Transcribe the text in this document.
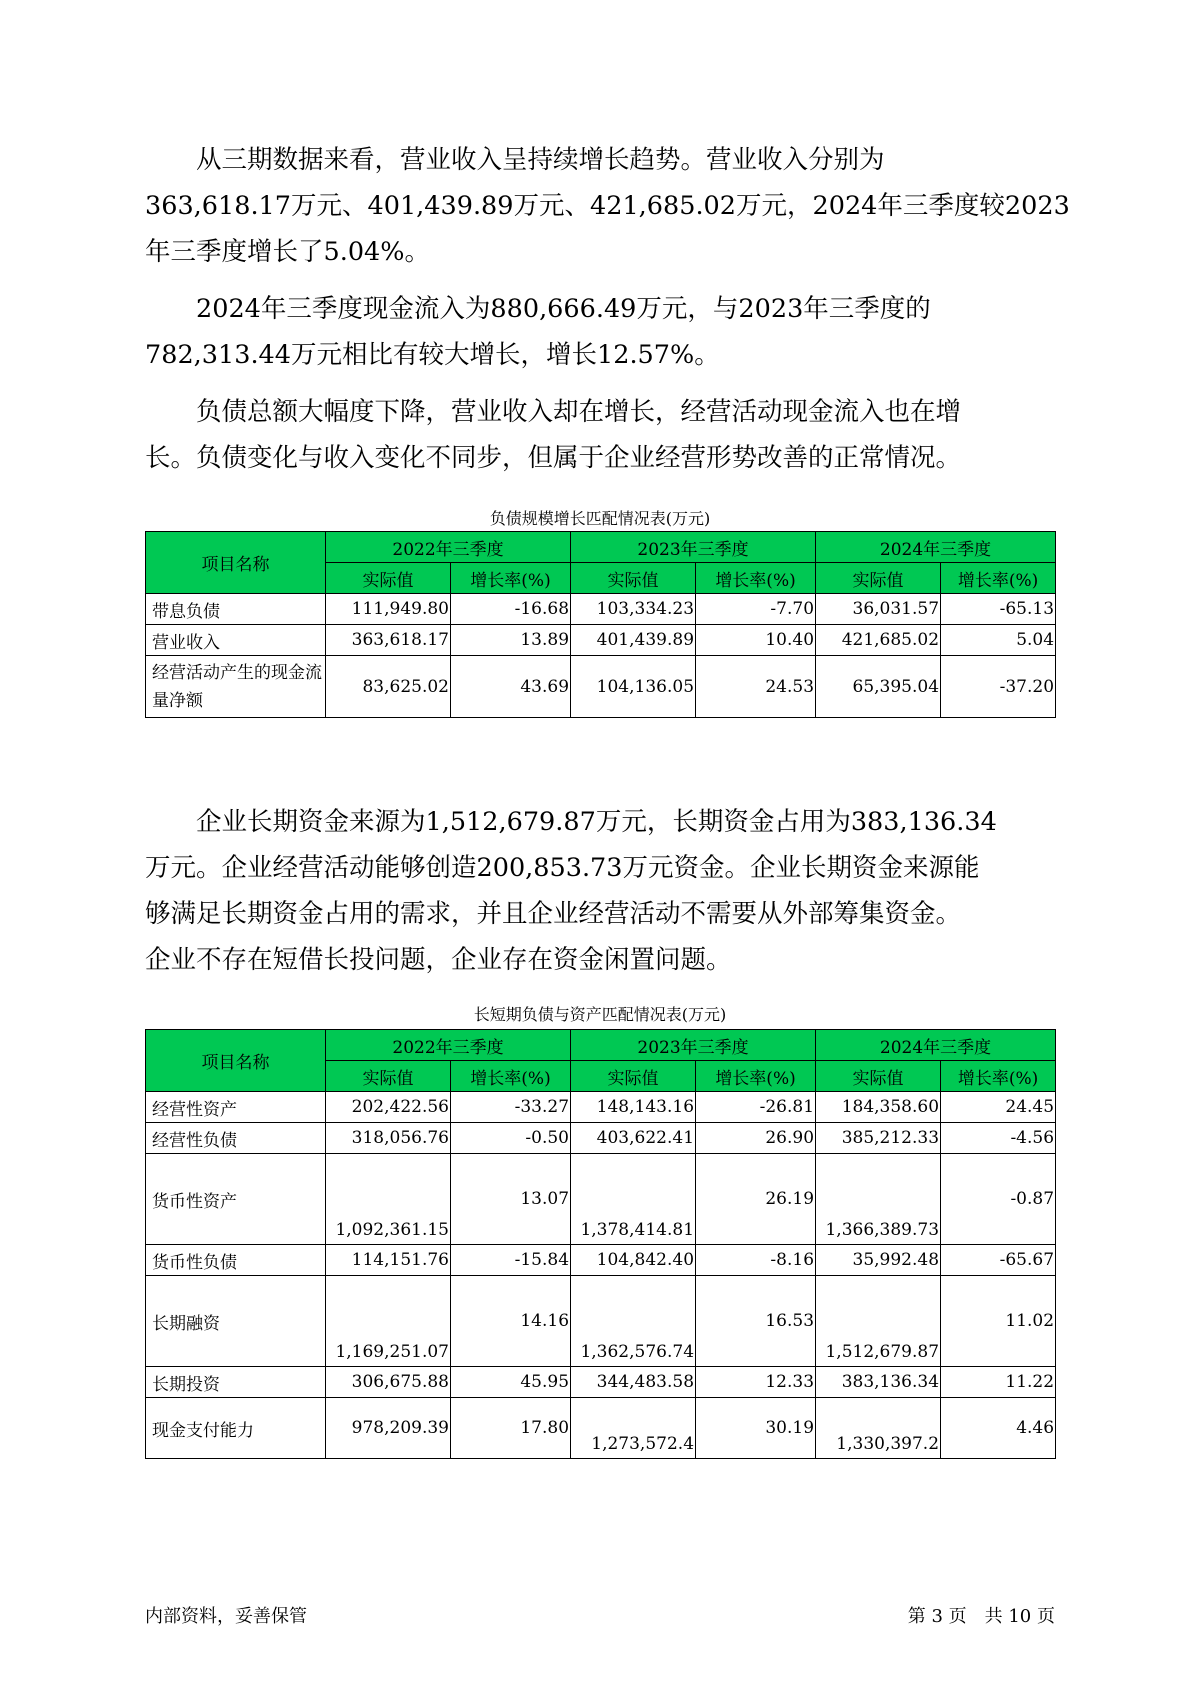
　　从三期数据来看，营业收入呈持续增长趋势。营业收入分别为
363,618.17万元、401,439.89万元、421,685.02万元，2024年三季度较2023
年三季度增长了5.04%。

　　2024年三季度现金流入为880,666.49万元，与2023年三季度的
782,313.44万元相比有较大增长，增长12.57%。

　　负债总额大幅度下降，营业收入却在增长，经营活动现金流入也在增
长。负债变化与收入变化不同步，但属于企业经营形势改善的正常情况。

负债规模增长匹配情况表(万元)
项目名称	2022年三季度		2023年三季度		2024年三季度	
	实际值	增长率(%)	实际值	增长率(%)	实际值	增长率(%)
带息负债	111,949.80	-16.68	103,334.23	-7.70	36,031.57	-65.13
营业收入	363,618.17	13.89	401,439.89	10.40	421,685.02	5.04
经营活动产生的现金流量净额	83,625.02	43.69	104,136.05	24.53	65,395.04	-37.20

　　企业长期资金来源为1,512,679.87万元，长期资金占用为383,136.34
万元。企业经营活动能够创造200,853.73万元资金。企业长期资金来源能
够满足长期资金占用的需求，并且企业经营活动不需要从外部筹集资金。
企业不存在短借长投问题，企业存在资金闲置问题。

长短期负债与资产匹配情况表(万元)
项目名称	2022年三季度		2023年三季度		2024年三季度	
	实际值	增长率(%)	实际值	增长率(%)	实际值	增长率(%)
经营性资产	202,422.56	-33.27	148,143.16	-26.81	184,358.60	24.45
经营性负债	318,056.76	-0.50	403,622.41	26.90	385,212.33	-4.56
货币性资产	1,092,361.15	13.07	1,378,414.81	26.19	1,366,389.73	-0.87
货币性负债	114,151.76	-15.84	104,842.40	-8.16	35,992.48	-65.67
长期融资	1,169,251.07	14.16	1,362,576.74	16.53	1,512,679.87	11.02
长期投资	306,675.88	45.95	344,483.58	12.33	383,136.34	11.22
现金支付能力	978,209.39	17.80	1,273,572.4	30.19	1,330,397.2	4.46
内部资料，妥善保管	第 3 页　共 10 页
